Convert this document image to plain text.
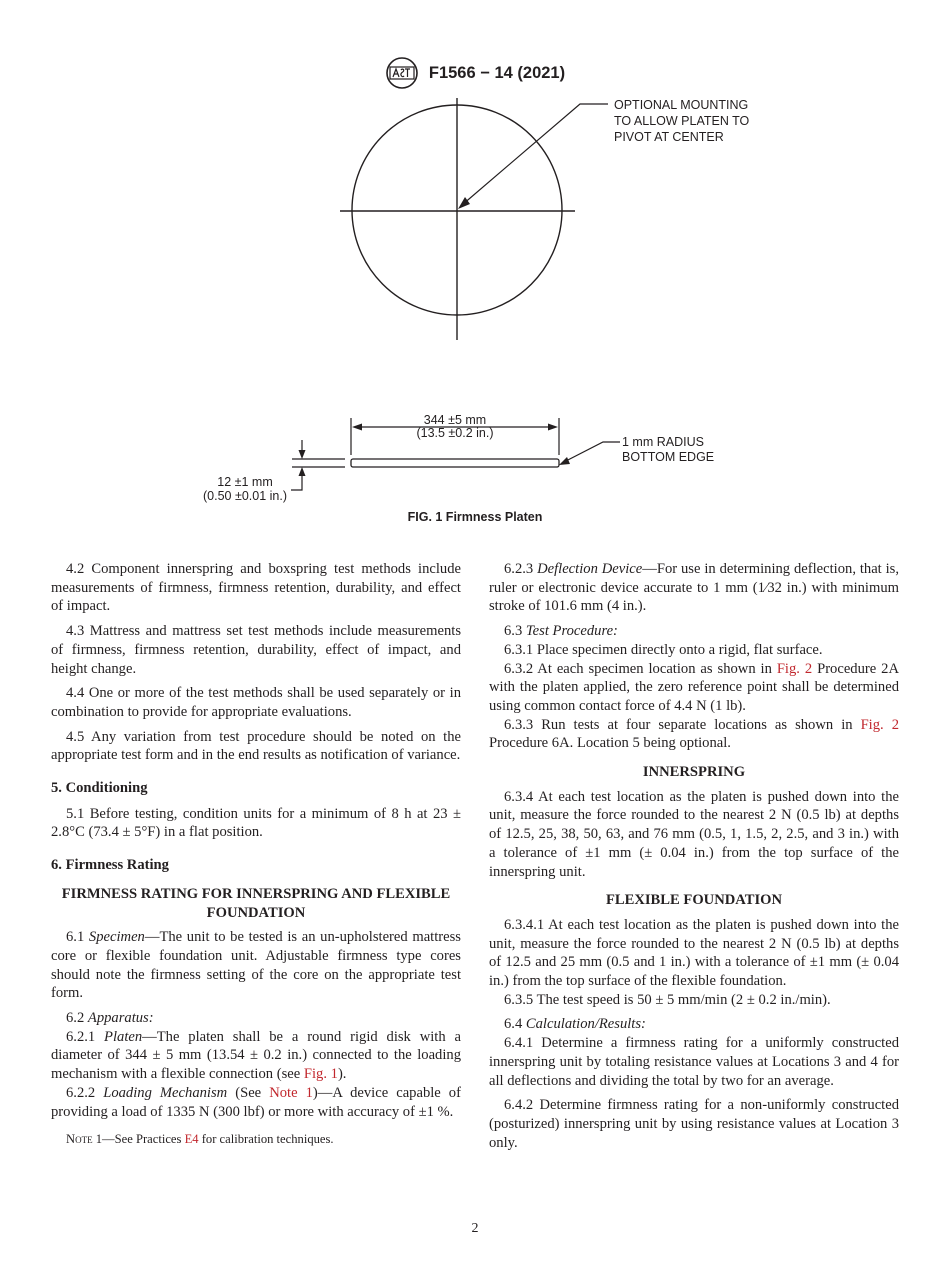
F1566 − 14 (2021)
OPTIONAL MOUNTING
TO ALLOW PLATEN TO
PIVOT AT CENTER
344 ±5 mm
(13.5 ±0.2 in.)
12 ±1 mm
(0.50 ±0.01 in.)
1 mm RADIUS
BOTTOM EDGE
FIG. 1 Firmness Platen

4.2 Component innerspring and boxspring test methods include measurements of firmness, firmness retention, durability, and effect of impact.

4.3 Mattress and mattress set test methods include measurements of firmness, firmness retention, durability, effect of impact, and height change.

4.4 One or more of the test methods shall be used separately or in combination to provide for appropriate evaluations.

4.5 Any variation from test procedure should be noted on the appropriate test form and in the end results as notification of variance.

5. Conditioning

5.1 Before testing, condition units for a minimum of 8 h at 23 ± 2.8°C (73.4 ± 5°F) in a flat position.

6. Firmness Rating
FIRMNESS RATING FOR INNERSPRING AND FLEXIBLE FOUNDATION

6.1 Specimen—The unit to be tested is an un-upholstered mattress core or flexible foundation unit. Adjustable firmness type cores should note the firmness setting of the core on the appropriate test form.

6.2 Apparatus:

6.2.1 Platen—The platen shall be a round rigid disk with a diameter of 344 ± 5 mm (13.54 ± 0.2 in.) connected to the loading mechanism with a flexible connection (see Fig. 1).

6.2.2 Loading Mechanism (See Note 1)—A device capable of providing a load of 1335 N (300 lbf) or more with accuracy of ±1 %.

Note 1—See Practices E4 for calibration techniques.

6.2.3 Deflection Device—For use in determining deflection, that is, ruler or electronic device accurate to 1 mm (1⁄32 in.) with minimum stroke of 101.6 mm (4 in.).

6.3 Test Procedure:

6.3.1 Place specimen directly onto a rigid, flat surface.

6.3.2 At each specimen location as shown in Fig. 2 Procedure 2A with the platen applied, the zero reference point shall be determined using common contact force of 4.4 N (1 lb).

6.3.3 Run tests at four separate locations as shown in Fig. 2 Procedure 6A. Location 5 being optional.

INNERSPRING

6.3.4 At each test location as the platen is pushed down into the unit, measure the force rounded to the nearest 2 N (0.5 lb) at depths of 12.5, 25, 38, 50, 63, and 76 mm (0.5, 1, 1.5, 2, 2.5, and 3 in.) with a tolerance of ±1 mm (± 0.04 in.) from the top surface of the innerspring unit.

FLEXIBLE FOUNDATION

6.3.4.1 At each test location as the platen is pushed down into the unit, measure the force rounded to the nearest 2 N (0.5 lb) at depths of 12.5 and 25 mm (0.5 and 1 in.) with a tolerance of ±1 mm (± 0.04 in.) from the top surface of the flexible foundation.

6.3.5 The test speed is 50 ± 5 mm/min (2 ± 0.2 in./min).

6.4 Calculation/Results:

6.4.1 Determine a firmness rating for a uniformly constructed innerspring unit by totaling resistance values at Locations 3 and 4 for all deflections and dividing the total by two for an average.

6.4.2 Determine firmness rating for a non-uniformly constructed (posturized) innerspring unit by using resistance values at Location 3 only.

2
